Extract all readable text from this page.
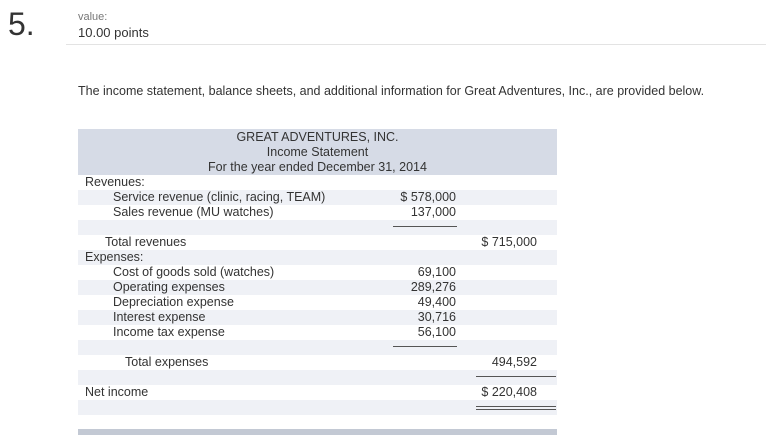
5.	value:
10.00 points
The income statement, balance sheets, and additional information for Great Adventures, Inc., are provided below.
GREAT ADVENTURES, INC.
Income Statement
For the year ended December 31, 2014
Revenues:
Service revenue (clinic, racing, TEAM)	$ 578,000
Sales revenue (MU watches)	137,000
Total revenues	$ 715,000
Expenses:
Cost of goods sold (watches)	69,100
Operating expenses	289,276
Depreciation expense	49,400
Interest expense	30,716
Income tax expense	56,100
Total expenses	494,592
Net income	$ 220,408
